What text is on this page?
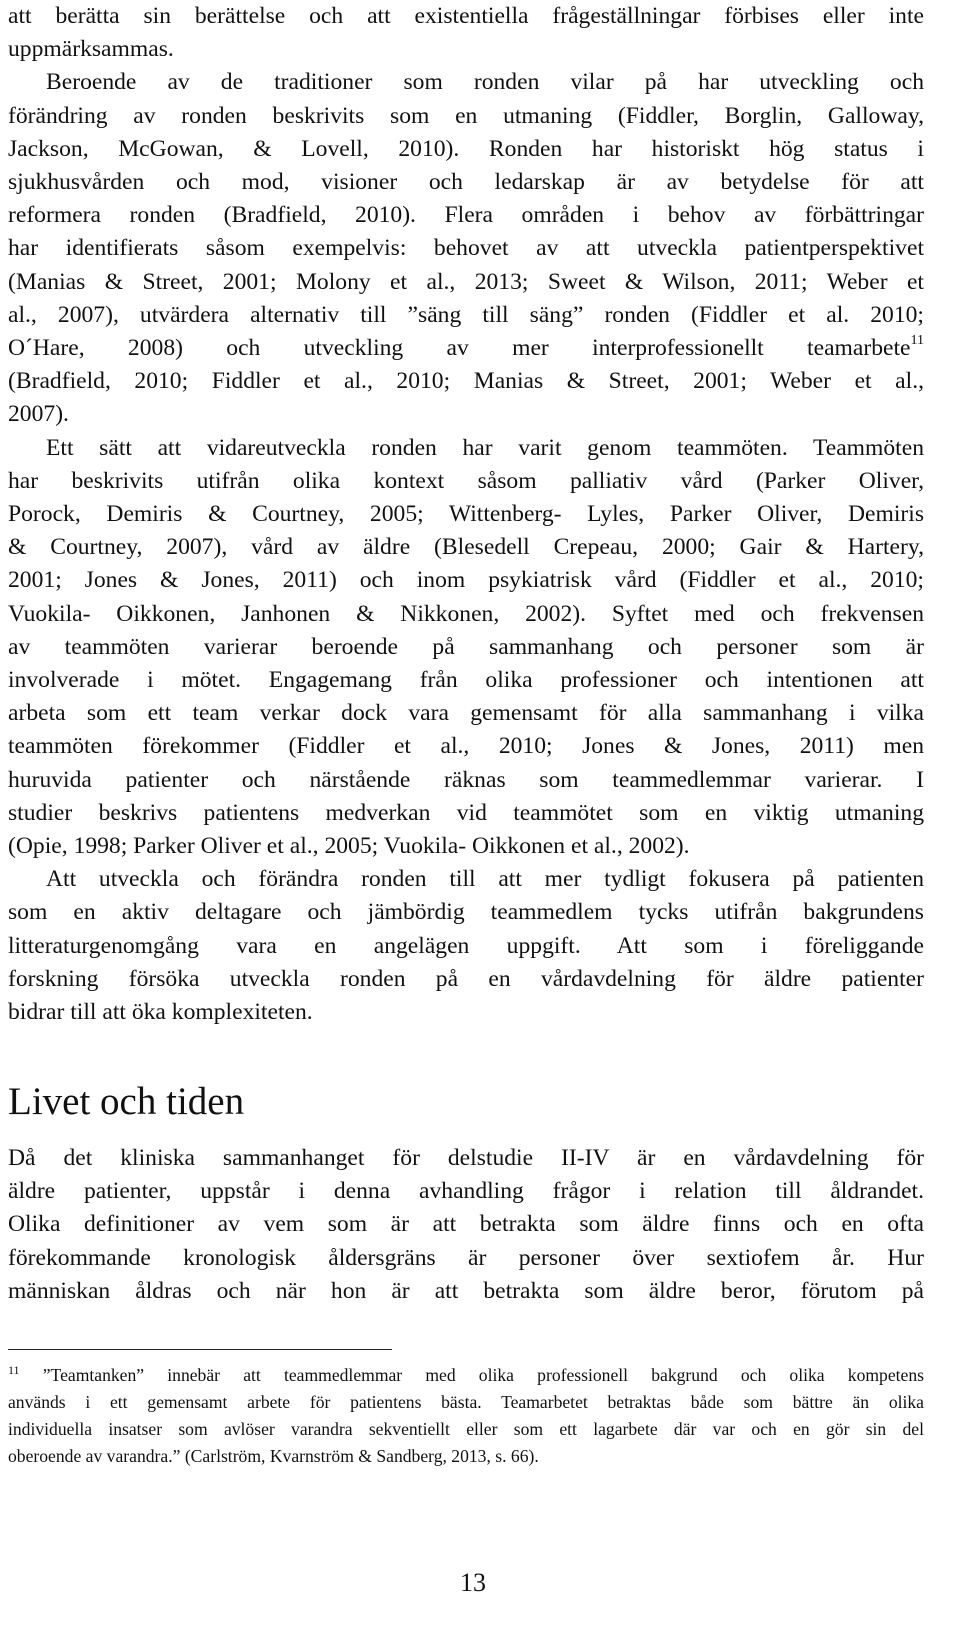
att berätta sin berättelse och att existentiella frågeställningar förbises eller inte
uppmärksammas.
Beroende av de traditioner som ronden vilar på har utveckling och
förändring av ronden beskrivits som en utmaning (Fiddler, Borglin, Galloway,
Jackson, McGowan, & Lovell, 2010). Ronden har historiskt hög status i
sjukhusvården och mod, visioner och ledarskap är av betydelse för att
reformera ronden (Bradfield, 2010). Flera områden i behov av förbättringar
har identifierats såsom exempelvis: behovet av att utveckla patientperspektivet
(Manias & Street, 2001; Molony et al., 2013; Sweet & Wilson, 2011; Weber et
al., 2007), utvärdera alternativ till ”säng till säng” ronden (Fiddler et al. 2010;
O´Hare, 2008) och utveckling av mer interprofessionellt teamarbete$^{11}$
(Bradfield, 2010; Fiddler et al., 2010; Manias & Street, 2001; Weber et al.,
2007).
Ett sätt att vidareutveckla ronden har varit genom teammöten. Teammöten
har beskrivits utifrån olika kontext såsom palliativ vård (Parker Oliver,
Porock, Demiris & Courtney, 2005; Wittenberg- Lyles, Parker Oliver, Demiris
& Courtney, 2007), vård av äldre (Blesedell Crepeau, 2000; Gair & Hartery,
2001; Jones & Jones, 2011) och inom psykiatrisk vård (Fiddler et al., 2010;
Vuokila- Oikkonen, Janhonen & Nikkonen, 2002). Syftet med och frekvensen
av teammöten varierar beroende på sammanhang och personer som är
involverade i mötet. Engagemang från olika professioner och intentionen att
arbeta som ett team verkar dock vara gemensamt för alla sammanhang i vilka
teammöten förekommer (Fiddler et al., 2010; Jones & Jones, 2011) men
huruvida patienter och närstående räknas som teammedlemmar varierar. I
studier beskrivs patientens medverkan vid teammötet som en viktig utmaning
(Opie, 1998; Parker Oliver et al., 2005; Vuokila- Oikkonen et al., 2002).
Att utveckla och förändra ronden till att mer tydligt fokusera på patienten
som en aktiv deltagare och jämbördig teammedlem tycks utifrån bakgrundens
litteraturgenomgång vara en angelägen uppgift. Att som i föreliggande
forskning försöka utveckla ronden på en vårdavdelning för äldre patienter
bidrar till att öka komplexiteten.
Livet och tiden
Då det kliniska sammanhanget för delstudie II-IV är en vårdavdelning för
äldre patienter, uppstår i denna avhandling frågor i relation till åldrandet.
Olika definitioner av vem som är att betrakta som äldre finns och en ofta
förekommande kronologisk åldersgräns är personer över sextiofem år. Hur
människan åldras och när hon är att betrakta som äldre beror, förutom på
$^{11}$ ”Teamtanken” innebär att teammedlemmar med olika professionell bakgrund och olika kompetens
används i ett gemensamt arbete för patientens bästa. Teamarbetet betraktas både som bättre än olika
individuella insatser som avlöser varandra sekventiellt eller som ett lagarbete där var och en gör sin del
oberoende av varandra.” (Carlström, Kvarnström & Sandberg, 2013, s. 66).
13
